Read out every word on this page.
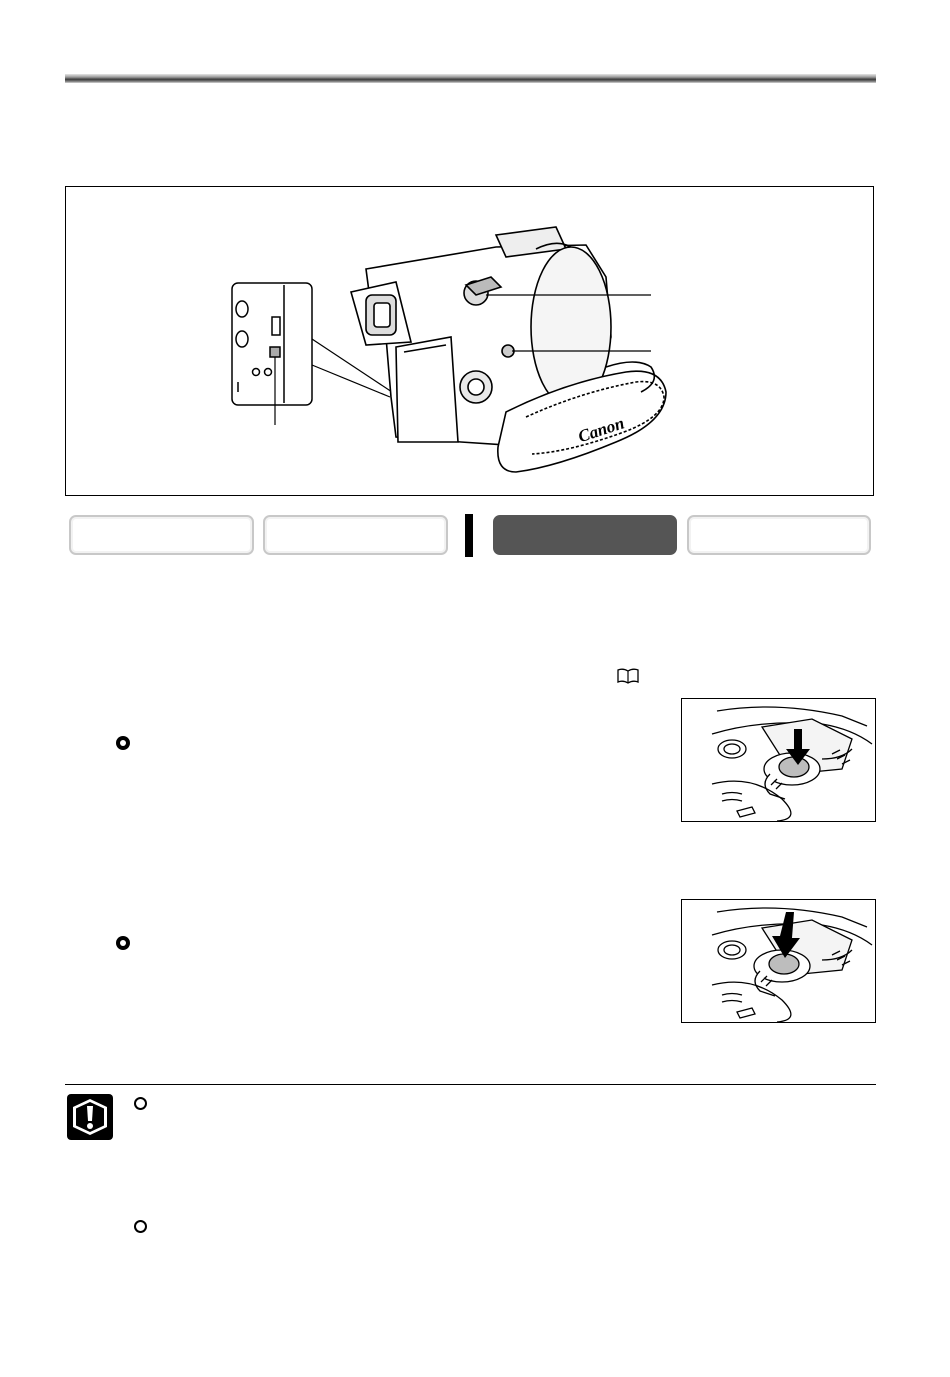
Canon
